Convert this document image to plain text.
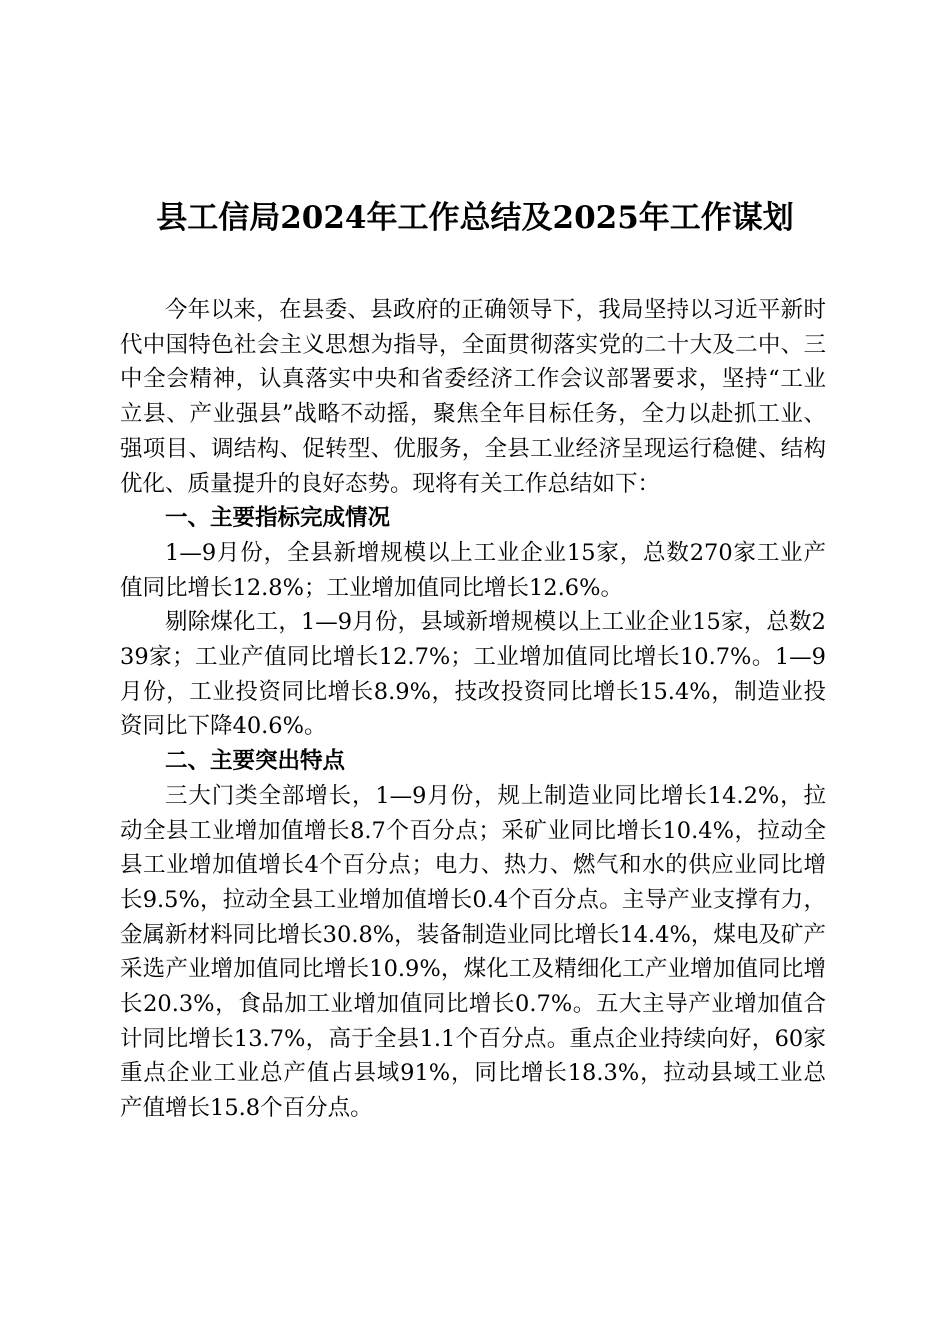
县工信局2024年工作总结及2025年工作谋划

今年以来，在县委、县政府的正确领导下，我局坚持以习近平新时代中国特色社会主义思想为指导，全面贯彻落实党的二十大及二中、三中全会精神，认真落实中央和省委经济工作会议部署要求，坚持“工业立县、产业强县”战略不动摇，聚焦全年目标任务，全力以赴抓工业、强项目、调结构、促转型、优服务，全县工业经济呈现运行稳健、结构优化、质量提升的良好态势。现将有关工作总结如下：

一、主要指标完成情况

1—9月份，全县新增规模以上工业企业15家，总数270家工业产值同比增长12.8%；工业增加值同比增长12.6%。

剔除煤化工，1—9月份，县域新增规模以上工业企业15家，总数239家；工业产值同比增长12.7%；工业增加值同比增长10.7%。1—9月份，工业投资同比增长8.9%，技改投资同比增长15.4%，制造业投资同比下降40.6%。

二、主要突出特点

三大门类全部增长，1—9月份，规上制造业同比增长14.2%，拉动全县工业增加值增长8.7个百分点；采矿业同比增长10.4%，拉动全县工业增加值增长4个百分点；电力、热力、燃气和水的供应业同比增长9.5%，拉动全县工业增加值增长0.4个百分点。主导产业支撑有力，金属新材料同比增长30.8%，装备制造业同比增长14.4%，煤电及矿产采选产业增加值同比增长10.9%，煤化工及精细化工产业增加值同比增长20.3%，食品加工业增加值同比增长0.7%。五大主导产业增加值合计同比增长13.7%，高于全县1.1个百分点。重点企业持续向好，60家重点企业工业总产值占县域91%，同比增长18.3%，拉动县域工业总产值增长15.8个百分点。
